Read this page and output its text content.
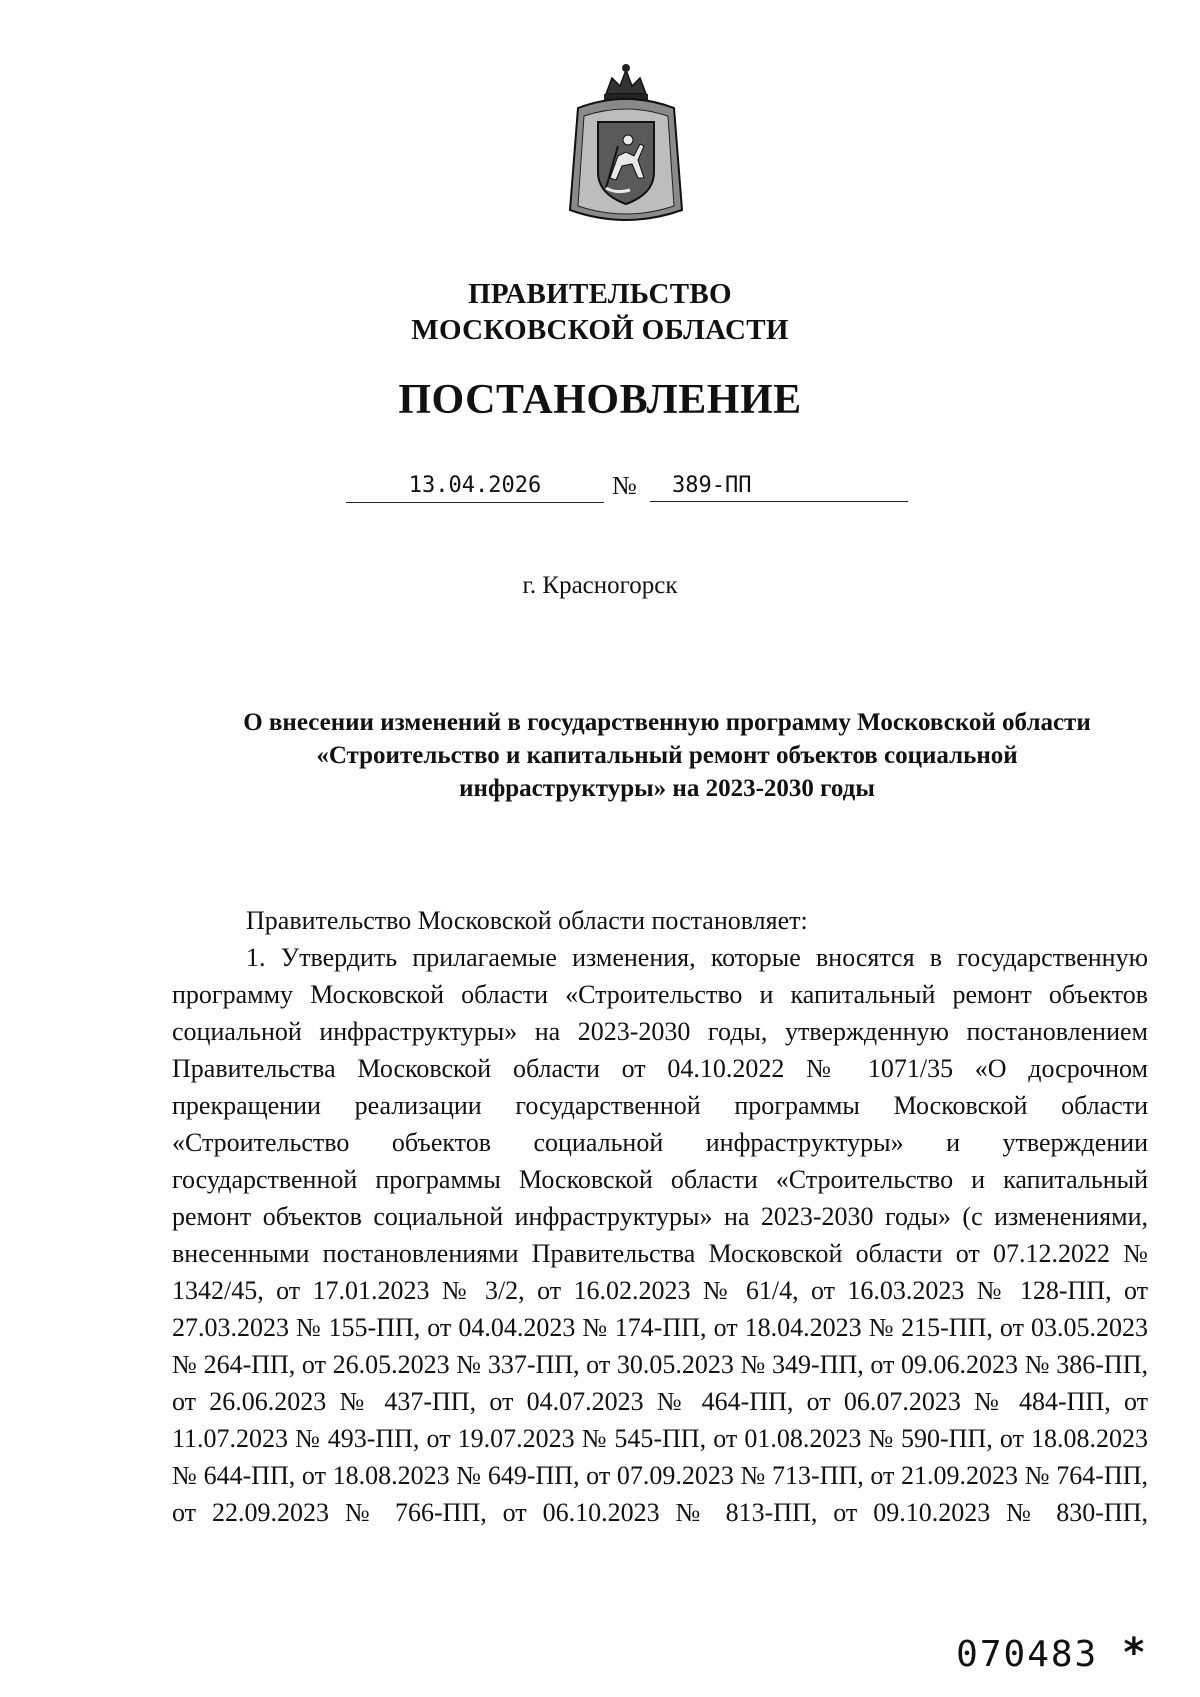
ПРАВИТЕЛЬСТВО
МОСКОВСКОЙ ОБЛАСТИ
ПОСТАНОВЛЕНИЕ
13.04.2026	№	389-ПП
г. Красногорск
О внесении изменений в государственную программу Московской области
«Строительство и капитальный ремонт объектов социальной
инфраструктуры» на 2023-2030 годы

Правительство Московской области постановляет:

1. Утвердить прилагаемые изменения, которые вносятся в государственную программу Московской области «Строительство и капитальный ремонт объектов социальной инфраструктуры» на 2023-2030 годы, утвержденную постановлением Правительства Московской области от 04.10.2022 № 1071/35 «О досрочном прекращении реализации государственной программы Московской области «Строительство объектов социальной инфраструктуры» и утверждении государственной программы Московской области «Строительство и капитальный ремонт объектов социальной инфраструктуры» на 2023-2030 годы» (с изменениями, внесенными постановлениями Правительства Московской области от 07.12.2022 № 1342/45, от 17.01.2023 № 3/2, от 16.02.2023 № 61/4, от 16.03.2023 № 128-ПП, от 27.03.2023 № 155-ПП, от 04.04.2023 № 174-ПП, от 18.04.2023 № 215-ПП, от 03.05.2023 № 264-ПП, от 26.05.2023 № 337-ПП, от 30.05.2023 № 349-ПП, от 09.06.2023 № 386-ПП, от 26.06.2023 № 437-ПП, от 04.07.2023 № 464-ПП, от 06.07.2023 № 484-ПП, от 11.07.2023 № 493-ПП, от 19.07.2023 № 545-ПП, от 01.08.2023 № 590-ПП, от 18.08.2023 № 644-ПП, от 18.08.2023 № 649-ПП, от 07.09.2023 № 713-ПП, от 21.09.2023 № 764-ПП, от 22.09.2023 № 766-ПП, от 06.10.2023 № 813-ПП, от 09.10.2023 № 830-ПП,

070483 *
